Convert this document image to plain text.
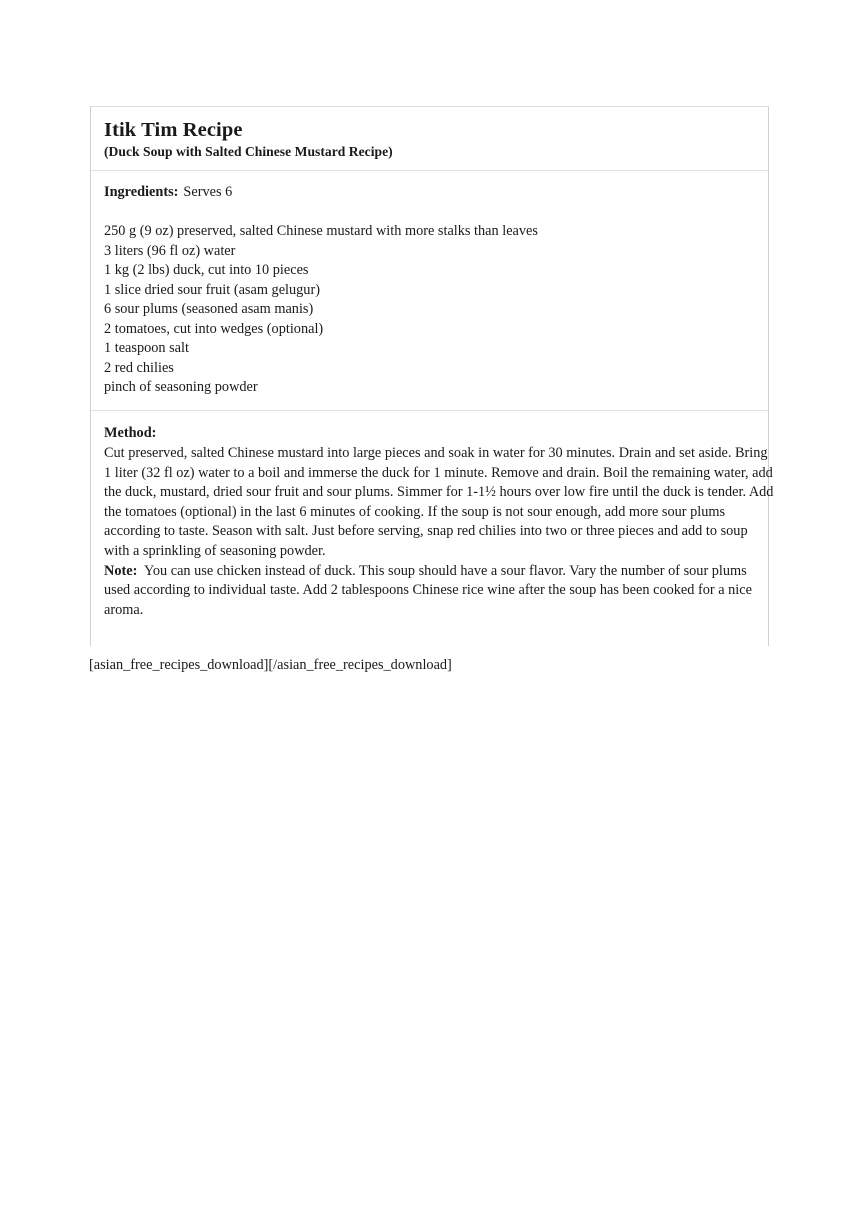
Itik Tim Recipe
(Duck Soup with Salted Chinese Mustard Recipe)
Ingredients: Serves 6
250 g (9 oz) preserved, salted Chinese mustard with more stalks than leaves
3 liters (96 fl oz) water
1 kg (2 lbs) duck, cut into 10 pieces
1 slice dried sour fruit (asam gelugur)
6 sour plums (seasoned asam manis)
2 tomatoes, cut into wedges (optional)
1 teaspoon salt
2 red chilies
pinch of seasoning powder
Method:

Cut preserved, salted Chinese mustard into large pieces and soak in water for 30 minutes. Drain and set aside. Bring 1 liter (32 fl oz) water to a boil and immerse the duck for 1 minute. Remove and drain. Boil the remaining water, add the duck, mustard, dried sour fruit and sour plums. Simmer for 1-1½ hours over low fire until the duck is tender. Add the tomatoes (optional) in the last 6 minutes of cooking. If the soup is not sour enough, add more sour plums according to taste. Season with salt. Just before serving, snap red chilies into two or three pieces and add to soup with a sprinkling of seasoning powder.

Note: You can use chicken instead of duck. This soup should have a sour flavor. Vary the number of sour plums used according to individual taste. Add 2 tablespoons Chinese rice wine after the soup has been cooked for a nice aroma.

[asian_free_recipes_download][/asian_free_recipes_download]
